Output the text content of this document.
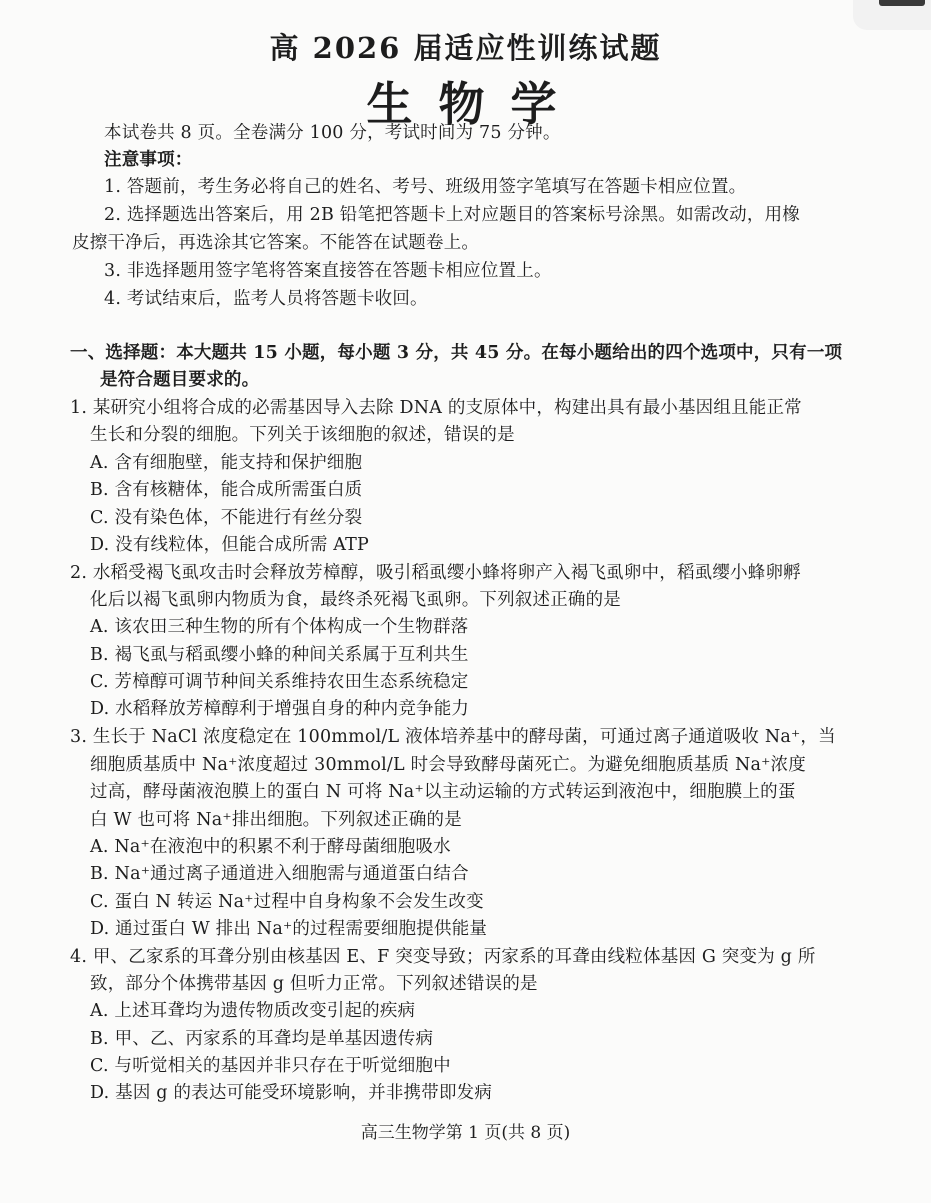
高 2026 届适应性训练试题
生物学
本试卷共 8 页。全卷满分 100 分，考试时间为 75 分钟。
注意事项：
1. 答题前，考生务必将自己的姓名、考号、班级用签字笔填写在答题卡相应位置。
2. 选择题选出答案后，用 2B 铅笔把答题卡上对应题目的答案标号涂黑。如需改动，用橡
皮擦干净后，再选涂其它答案。不能答在试题卷上。
3. 非选择题用签字笔将答案直接答在答题卡相应位置上。
4. 考试结束后，监考人员将答题卡收回。
一、选择题：本大题共 15 小题，每小题 3 分，共 45 分。在每小题给出的四个选项中，只有一项
是符合题目要求的。
1. 某研究小组将合成的必需基因导入去除 DNA 的支原体中，构建出具有最小基因组且能正常
生长和分裂的细胞。下列关于该细胞的叙述，错误的是
A. 含有细胞壁，能支持和保护细胞
B. 含有核糖体，能合成所需蛋白质
C. 没有染色体，不能进行有丝分裂
D. 没有线粒体，但能合成所需 ATP
2. 水稻受褐飞虱攻击时会释放芳樟醇，吸引稻虱缨小蜂将卵产入褐飞虱卵中，稻虱缨小蜂卵孵
化后以褐飞虱卵内物质为食，最终杀死褐飞虱卵。下列叙述正确的是
A. 该农田三种生物的所有个体构成一个生物群落
B. 褐飞虱与稻虱缨小蜂的种间关系属于互利共生
C. 芳樟醇可调节种间关系维持农田生态系统稳定
D. 水稻释放芳樟醇利于增强自身的种内竞争能力
3. 生长于 NaCl 浓度稳定在 100mmol/L 液体培养基中的酵母菌，可通过离子通道吸收 Na⁺，当
细胞质基质中 Na⁺浓度超过 30mmol/L 时会导致酵母菌死亡。为避免细胞质基质 Na⁺浓度
过高，酵母菌液泡膜上的蛋白 N 可将 Na⁺以主动运输的方式转运到液泡中，细胞膜上的蛋
白 W 也可将 Na⁺排出细胞。下列叙述正确的是
A. Na⁺在液泡中的积累不利于酵母菌细胞吸水
B. Na⁺通过离子通道进入细胞需与通道蛋白结合
C. 蛋白 N 转运 Na⁺过程中自身构象不会发生改变
D. 通过蛋白 W 排出 Na⁺的过程需要细胞提供能量
4. 甲、乙家系的耳聋分别由核基因 E、F 突变导致；丙家系的耳聋由线粒体基因 G 突变为 g 所
致，部分个体携带基因 g 但听力正常。下列叙述错误的是
A. 上述耳聋均为遗传物质改变引起的疾病
B. 甲、乙、丙家系的耳聋均是单基因遗传病
C. 与听觉相关的基因并非只存在于听觉细胞中
D. 基因 g 的表达可能受环境影响，并非携带即发病
高三生物学第 1 页(共 8 页)
